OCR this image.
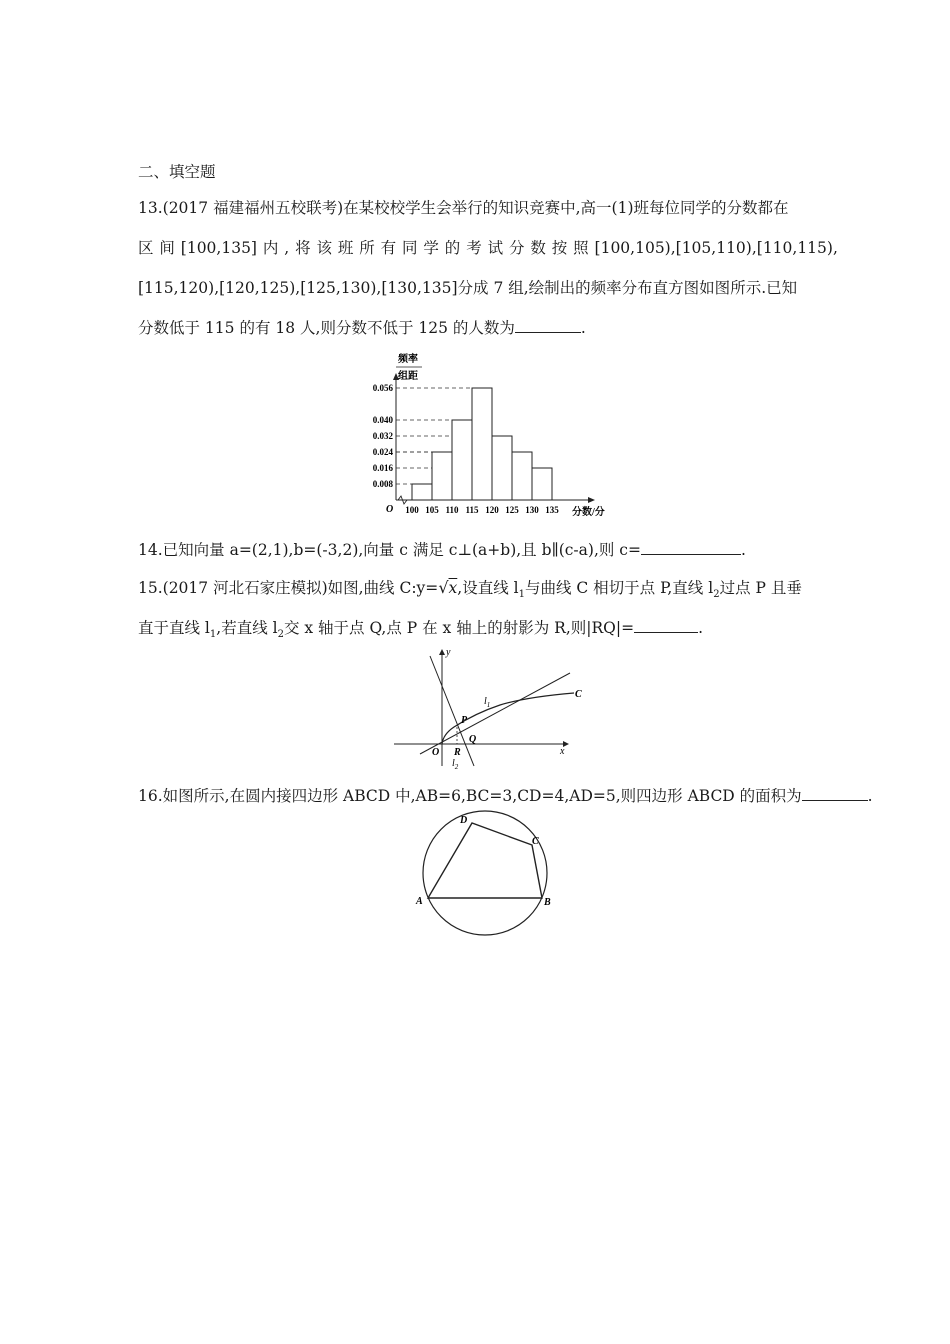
二、填空题
13.(2017 福建福州五校联考)在某校校学生会举行的知识竞赛中,高一(1)班每位同学的分数都在
区 间 [100,135] 内 , 将 该 班 所 有 同 学 的 考 试 分 数 按 照 [100,105),[105,110),[110,115),
[115,120),[120,125),[125,130),[130,135]分成 7 组,绘制出的频率分布直方图如图所示.已知
分数低于 115 的有 18 人,则分数不低于 125 的人数为	.
频率
组距
O	分数/分
0.008
0.016
0.024
0.032
0.040
0.056
100 105 110 115 120 125 130 135
14.已知向量 a=(2,1),b=(-3,2),向量 c 满足 c⊥(a+b),且 b∥(c-a),则 c=	.
15.(2017 河北石家庄模拟)如图,曲线 C:y=√x,设直线 $l_1$与曲线 C 相切于点 P,直线 $l_2$过点 P 且垂
直于直线 $l_1$,若直线 $l_2$交 x 轴于点 Q,点 P 在 x 轴上的射影为 R,则|RQ|=	.
y
x
O R
Q
P
C
$l_1$
$l_2$
16.如图所示,在圆内接四边形 ABCD 中,AB=6,BC=3,CD=4,AD=5,则四边形 ABCD 的面积为	.
A	B
C
D
